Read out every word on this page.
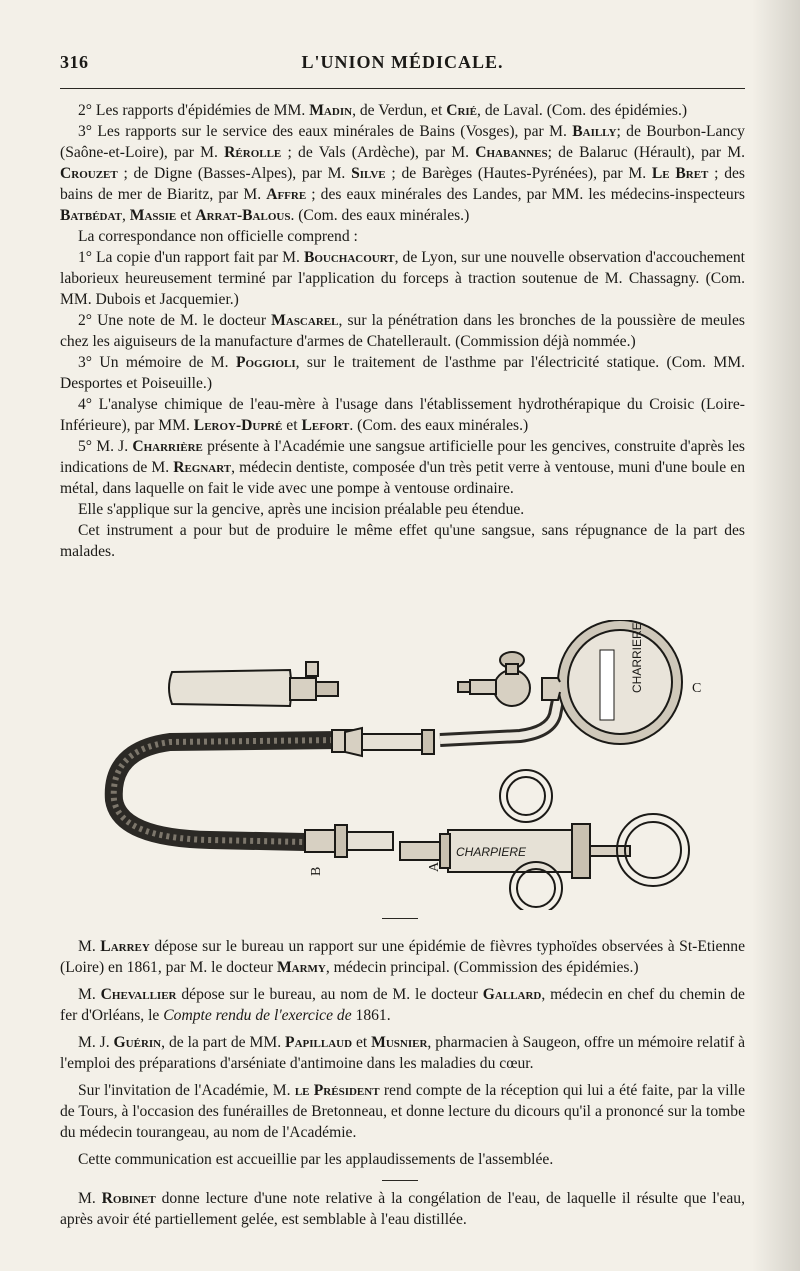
316	L'UNION MÉDICALE.

2° Les rapports d'épidémies de MM. Madin, de Verdun, et Crié, de Laval. (Com. des épidémies.)

3° Les rapports sur le service des eaux minérales de Bains (Vosges), par M. Bailly; de Bourbon-Lancy (Saône-et-Loire), par M. Rérolle ; de Vals (Ardèche), par M. Chabannes; de Balaruc (Hérault), par M. Crouzet ; de Digne (Basses-Alpes), par M. Silve ; de Barèges (Hautes-Pyrénées), par M. Le Bret ; des bains de mer de Biaritz, par M. Affre ; des eaux minérales des Landes, par MM. les médecins-inspecteurs Batbédat, Massie et Arrat-Balous. (Com. des eaux minérales.)

La correspondance non officielle comprend :

1° La copie d'un rapport fait par M. Bouchacourt, de Lyon, sur une nouvelle observation d'accouchement laborieux heureusement terminé par l'application du forceps à traction soutenue de M. Chassagny. (Com. MM. Dubois et Jacquemier.)

2° Une note de M. le docteur Mascarel, sur la pénétration dans les bronches de la poussière de meules chez les aiguiseurs de la manufacture d'armes de Chatellerault. (Commission déjà nommée.)

3° Un mémoire de M. Poggioli, sur le traitement de l'asthme par l'électricité statique. (Com. MM. Desportes et Poiseuille.)

4° L'analyse chimique de l'eau-mère à l'usage dans l'établissement hydrothérapique du Croisic (Loire-Inférieure), par MM. Leroy-Dupré et Lefort. (Com. des eaux minérales.)

5° M. J. Charrière présente à l'Académie une sangsue artificielle pour les gencives, construite d'après les indications de M. Regnart, médecin dentiste, composée d'un très petit verre à ventouse, muni d'une boule en métal, dans laquelle on fait le vide avec une pompe à ventouse ordinaire.

Elle s'applique sur la gencive, après une incision préalable peu étendue.

Cet instrument a pour but de produire le même effet qu'une sangsue, sans répugnance de la part des malades.

CHARRIERE
CHARPIERE
C
A
B

M. Larrey dépose sur le bureau un rapport sur une épidémie de fièvres typhoïdes observées à St-Etienne (Loire) en 1861, par M. le docteur Marmy, médecin principal. (Commission des épidémies.)

M. Chevallier dépose sur le bureau, au nom de M. le docteur Gallard, médecin en chef du chemin de fer d'Orléans, le Compte rendu de l'exercice de 1861.

M. J. Guérin, de la part de MM. Papillaud et Musnier, pharmacien à Saugeon, offre un mémoire relatif à l'emploi des préparations d'arséniate d'antimoine dans les maladies du cœur.

Sur l'invitation de l'Académie, M. le Président rend compte de la réception qui lui a été faite, par la ville de Tours, à l'occasion des funérailles de Bretonneau, et donne lecture du dicours qu'il a prononcé sur la tombe du médecin tourangeau, au nom de l'Académie.

Cette communication est accueillie par les applaudissements de l'assemblée.

M. Robinet donne lecture d'une note relative à la congélation de l'eau, de laquelle il résulte que l'eau, après avoir été partiellement gelée, est semblable à l'eau distillée.
